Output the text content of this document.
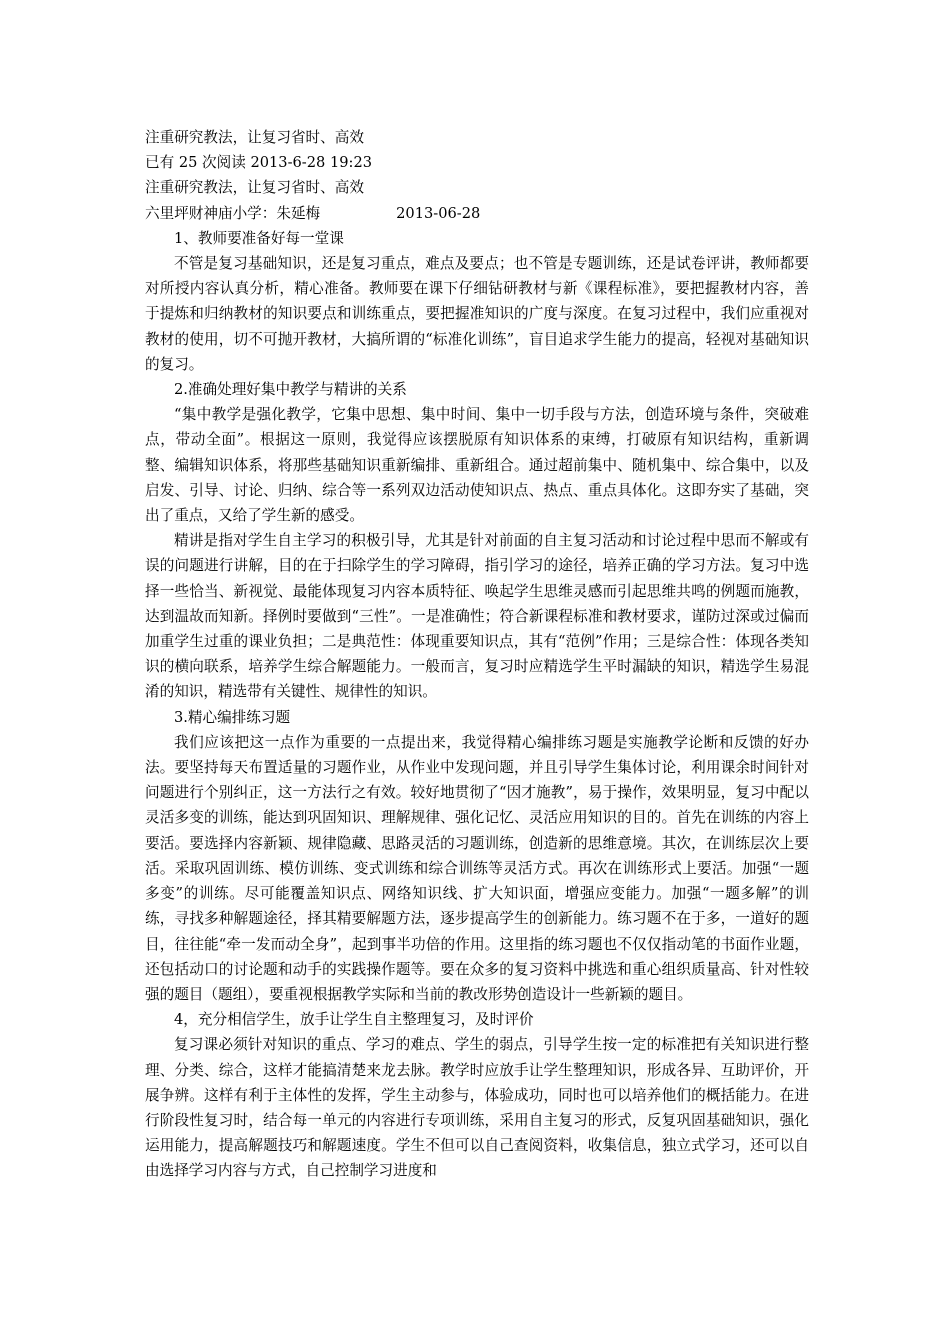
注重研究教法，让复习省时、高效

已有 25 次阅读 2013-6-28 19:23

注重研究教法，让复习省时、高效

六里坪财神庙小学：朱延梅	2013-06-28

1、教师要准备好每一堂课

不管是复习基础知识，还是复习重点，难点及要点；也不管是专题训练，还是试卷评讲，教师都要对所授内容认真分析，精心准备。教师要在课下仔细钻研教材与新《课程标准》，要把握教材内容，善于提炼和归纳教材的知识要点和训练重点，要把握准知识的广度与深度。在复习过程中，我们应重视对教材的使用，切不可抛开教材，大搞所谓的“标准化训练”，盲目追求学生能力的提高，轻视对基础知识的复习。

2.准确处理好集中教学与精讲的关系

“集中教学是强化教学，它集中思想、集中时间、集中一切手段与方法，创造环境与条件，突破难点，带动全面”。根据这一原则，我觉得应该摆脱原有知识体系的束缚，打破原有知识结构，重新调整、编辑知识体系，将那些基础知识重新编排、重新组合。通过超前集中、随机集中、综合集中，以及启发、引导、讨论、归纳、综合等一系列双边活动使知识点、热点、重点具体化。这即夯实了基础，突出了重点，又给了学生新的感受。

精讲是指对学生自主学习的积极引导，尤其是针对前面的自主复习活动和讨论过程中思而不解或有误的问题进行讲解，目的在于扫除学生的学习障碍，指引学习的途径，培养正确的学习方法。复习中选择一些恰当、新视觉、最能体现复习内容本质特征、唤起学生思维灵感而引起思维共鸣的例题而施教，达到温故而知新。择例时要做到“三性”。一是准确性；符合新课程标准和教材要求，谨防过深或过偏而加重学生过重的课业负担；二是典范性：体现重要知识点，其有“范例”作用；三是综合性：体现各类知识的横向联系，培养学生综合解题能力。一般而言，复习时应精选学生平时漏缺的知识，精选学生易混淆的知识，精选带有关键性、规律性的知识。

3.精心编排练习题

我们应该把这一点作为重要的一点提出来，我觉得精心编排练习题是实施教学论断和反馈的好办法。要坚持每天布置适量的习题作业，从作业中发现问题，并且引导学生集体讨论，利用课余时间针对问题进行个别纠正，这一方法行之有效。较好地贯彻了“因才施教”，易于操作，效果明显，复习中配以灵活多变的训练，能达到巩固知识、理解规律、强化记忆、灵活应用知识的目的。首先在训练的内容上要活。要选择内容新颖、规律隐藏、思路灵活的习题训练，创造新的思维意境。其次，在训练层次上要活。采取巩固训练、模仿训练、变式训练和综合训练等灵活方式。再次在训练形式上要活。加强“一题多变”的训练。尽可能覆盖知识点、网络知识线、扩大知识面，增强应变能力。加强“一题多解”的训练，寻找多种解题途径，择其精要解题方法，逐步提高学生的创新能力。练习题不在于多，一道好的题目，往往能“牵一发而动全身”，起到事半功倍的作用。这里指的练习题也不仅仅指动笔的书面作业题，还包括动口的讨论题和动手的实践操作题等。要在众多的复习资料中挑选和重心组织质量高、针对性较强的题目（题组），要重视根据教学实际和当前的教改形势创造设计一些新颖的题目。

4，充分相信学生，放手让学生自主整理复习，及时评价

复习课必须针对知识的重点、学习的难点、学生的弱点，引导学生按一定的标准把有关知识进行整理、分类、综合，这样才能搞清楚来龙去脉。教学时应放手让学生整理知识，形成各异、互助评价，开展争辨。这样有利于主体性的发挥，学生主动参与，体验成功，同时也可以培养他们的概括能力。在进行阶段性复习时，结合每一单元的内容进行专项训练，采用自主复习的形式，反复巩固基础知识，强化运用能力，提高解题技巧和解题速度。学生不但可以自己查阅资料，收集信息，独立式学习，还可以自由选择学习内容与方式，自己控制学习进度和
